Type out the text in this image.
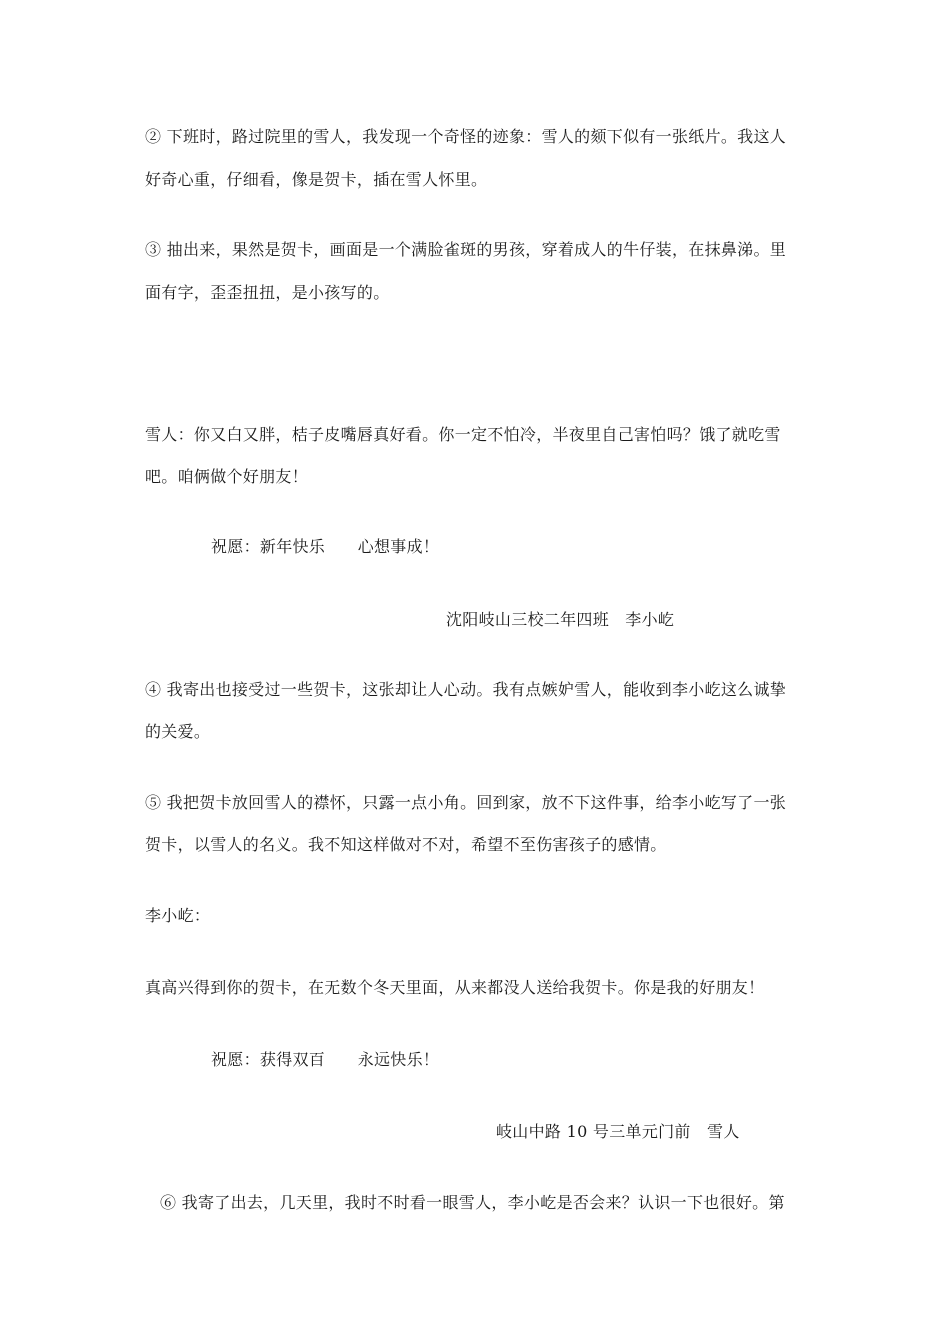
② 下班时，路过院里的雪人，我发现一个奇怪的迹象：雪人的颏下似有一张纸片。我这人
好奇心重，仔细看，像是贺卡，插在雪人怀里。
③ 抽出来，果然是贺卡，画面是一个满脸雀斑的男孩，穿着成人的牛仔装，在抹鼻涕。里
面有字，歪歪扭扭，是小孩写的。
雪人：你又白又胖，桔子皮嘴唇真好看。你一定不怕冷，半夜里自己害怕吗？饿了就吃雪
吧。咱俩做个好朋友！
祝愿：新年快乐　　心想事成！
沈阳岐山三校二年四班　李小屹
④ 我寄出也接受过一些贺卡，这张却让人心动。我有点嫉妒雪人，能收到李小屹这么诚挚
的关爱。
⑤ 我把贺卡放回雪人的襟怀，只露一点小角。回到家，放不下这件事，给李小屹写了一张
贺卡，以雪人的名义。我不知这样做对不对，希望不至伤害孩子的感情。
李小屹：
真高兴得到你的贺卡，在无数个冬天里面，从来都没人送给我贺卡。你是我的好朋友！
祝愿：获得双百　　永远快乐！
岐山中路 10 号三单元门前　雪人
⑥ 我寄了出去，几天里，我时不时看一眼雪人，李小屹是否会来？认识一下也很好。第
